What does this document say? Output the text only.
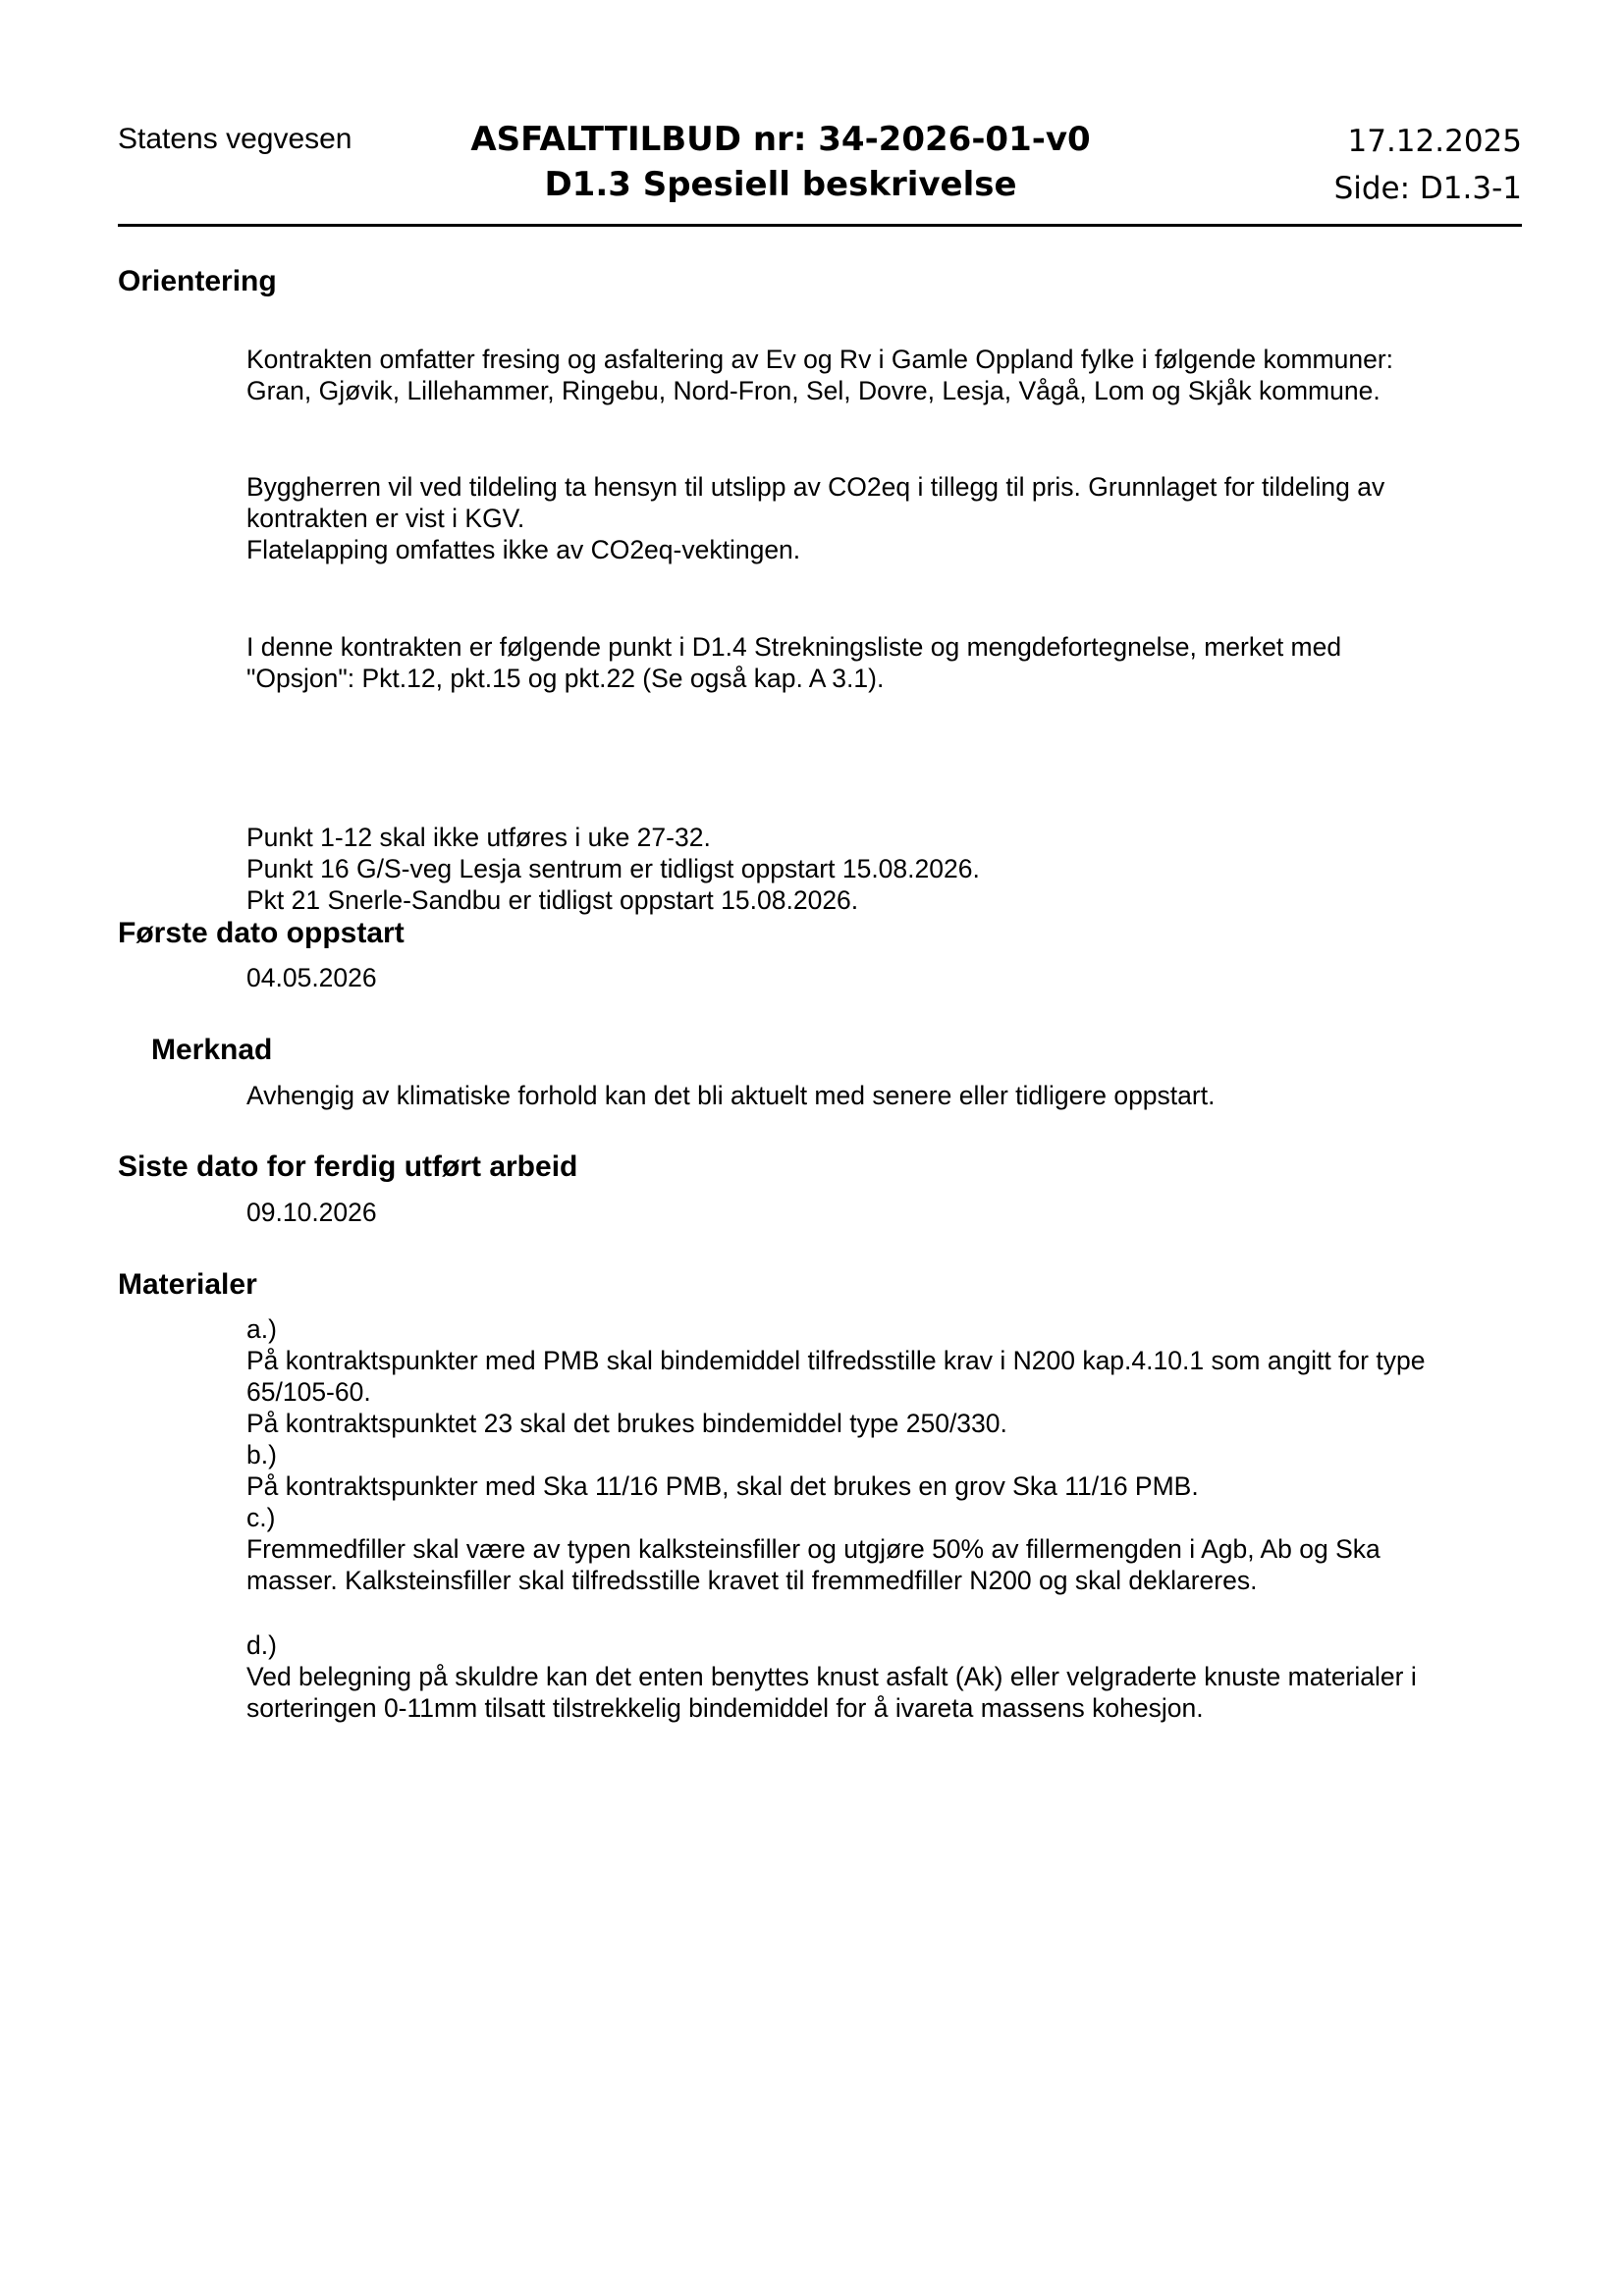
Statens vegvesen	ASFALTTILBUD nr: 34-2026-01-v0
D1.3 Spesiell beskrivelse
17.12.2025
Side: D1.3-1
Orientering
Kontrakten omfatter fresing og asfaltering av Ev og Rv i Gamle Oppland fylke i følgende kommuner:
Gran, Gjøvik, Lillehammer, Ringebu, Nord-Fron, Sel, Dovre, Lesja, Vågå, Lom og Skjåk kommune.
Byggherren vil ved tildeling ta hensyn til utslipp av CO2eq i tillegg til pris. Grunnlaget for tildeling av
kontrakten er vist i KGV.
Flatelapping omfattes ikke av CO2eq-vektingen.
I denne kontrakten er følgende punkt i D1.4 Strekningsliste og mengdefortegnelse, merket med
"Opsjon": Pkt.12, pkt.15 og pkt.22 (Se også kap. A 3.1).
Punkt 1-12 skal ikke utføres i uke 27-32.
Punkt 16 G/S-veg Lesja sentrum er tidligst oppstart 15.08.2026.
Pkt 21 Snerle-Sandbu er tidligst oppstart 15.08.2026.
Første dato oppstart
04.05.2026
Merknad
Avhengig av klimatiske forhold kan det bli aktuelt med senere eller tidligere oppstart.
Siste dato for ferdig utført arbeid
09.10.2026
Materialer
a.)
På kontraktspunkter med PMB skal bindemiddel tilfredsstille krav i N200 kap.4.10.1 som angitt for type
65/105-60.
På kontraktspunktet 23 skal det brukes bindemiddel type 250/330.
b.)
På kontraktspunkter med Ska 11/16 PMB, skal det brukes en grov Ska 11/16 PMB.
c.)
Fremmedfiller skal være av typen kalksteinsfiller og utgjøre 50% av fillermengden i Agb, Ab og Ska
masser. Kalksteinsfiller skal tilfredsstille kravet til fremmedfiller N200 og skal deklareres.
d.)
Ved belegning på skuldre kan det enten benyttes knust asfalt (Ak) eller velgraderte knuste materialer i
sorteringen 0-11mm tilsatt tilstrekkelig bindemiddel for å ivareta massens kohesjon.
